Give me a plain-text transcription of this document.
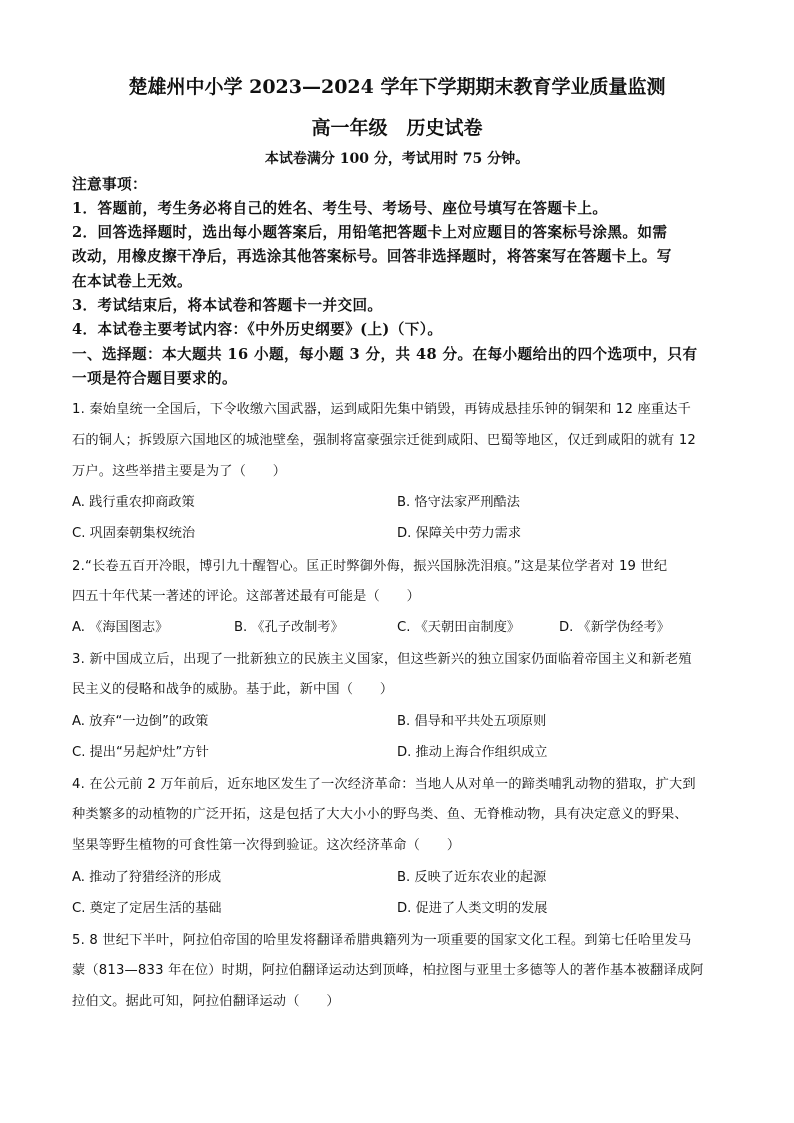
楚雄州中小学 2023—2024 学年下学期期末教育学业质量监测
高一年级　历史试卷
本试卷满分 100 分，考试用时 75 分钟。
注意事项：
1．答题前，考生务必将自己的姓名、考生号、考场号、座位号填写在答题卡上。
2．回答选择题时，选出每小题答案后，用铅笔把答题卡上对应题目的答案标号涂黑。如需
改动，用橡皮擦干净后，再选涂其他答案标号。回答非选择题时，将答案写在答题卡上。写
在本试卷上无效。
3．考试结束后，将本试卷和答题卡一并交回。
4．本试卷主要考试内容：《中外历史纲要》(上)（下）。
一、选择题：本大题共 16 小题，每小题 3 分，共 48 分。在每小题给出的四个选项中，只有
一项是符合题目要求的。
1. 秦始皇统一全国后，下令收缴六国武器，运到咸阳先集中销毁，再铸成悬挂乐钟的铜架和 12 座重达千
石的铜人；拆毁原六国地区的城池壁垒，强制将富豪强宗迁徙到咸阳、巴蜀等地区，仅迁到咸阳的就有 12
万户。这些举措主要是为了（　　）
A. 践行重农抑商政策	B. 恪守法家严刑酷法
C. 巩固秦朝集权统治	D. 保障关中劳力需求
2.“长卷五百开冷眼，博引九十醒智心。匡正时弊御外侮，振兴国脉洗泪痕。”这是某位学者对 19 世纪
四五十年代某一著述的评论。这部著述最有可能是（　　）
A. 《海国图志》	B. 《孔子改制考》	C. 《天朝田亩制度》	D. 《新学伪经考》
3. 新中国成立后，出现了一批新独立的民族主义国家，但这些新兴的独立国家仍面临着帝国主义和新老殖
民主义的侵略和战争的威胁。基于此，新中国（　　）
A. 放弃“一边倒”的政策	B. 倡导和平共处五项原则
C. 提出“另起炉灶”方针	D. 推动上海合作组织成立
4. 在公元前 2 万年前后，近东地区发生了一次经济革命：当地人从对单一的蹄类哺乳动物的猎取，扩大到
种类繁多的动植物的广泛开拓，这是包括了大大小小的野鸟类、鱼、无脊椎动物，具有决定意义的野果、
坚果等野生植物的可食性第一次得到验证。这次经济革命（　　）
A. 推动了狩猎经济的形成	B. 反映了近东农业的起源
C. 奠定了定居生活的基础	D. 促进了人类文明的发展
5. 8 世纪下半叶，阿拉伯帝国的哈里发将翻译希腊典籍列为一项重要的国家文化工程。到第七任哈里发马
蒙（813—833 年在位）时期，阿拉伯翻译运动达到顶峰，柏拉图与亚里士多德等人的著作基本被翻译成阿
拉伯文。据此可知，阿拉伯翻译运动（　　）
